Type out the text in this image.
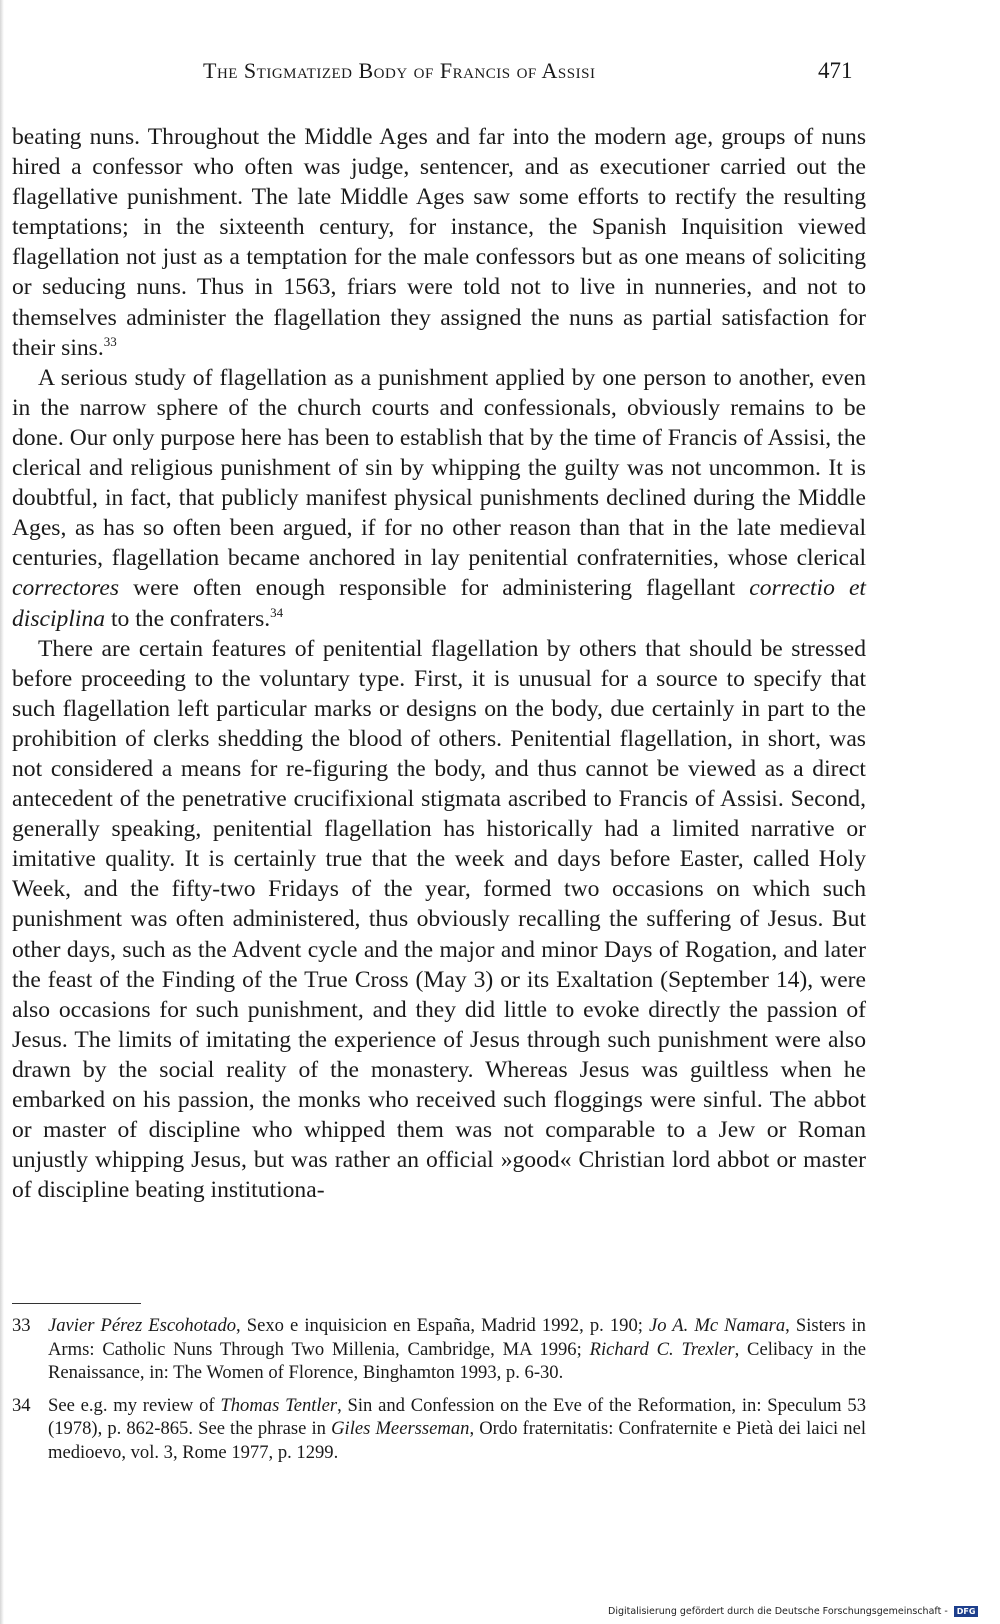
The Stigmatized Body of Francis of Assisi	471

beating nuns. Throughout the Middle Ages and far into the modern age, groups of nuns hired a confessor who often was judge, sentencer, and as executioner carried out the flagellative punishment. The late Middle Ages saw some efforts to rectify the resulting temptations; in the sixteenth century, for instance, the Spanish Inquisition viewed flagellation not just as a temptation for the male confessors but as one means of soliciting or seducing nuns. Thus in 1563, friars were told not to live in nunneries, and not to themselves administer the flagellation they assigned the nuns as partial satisfaction for their sins.$^{33}$

A serious study of flagellation as a punishment applied by one person to another, even in the narrow sphere of the church courts and confessionals, obviously remains to be done. Our only purpose here has been to establish that by the time of Francis of Assisi, the clerical and religious punishment of sin by whipping the guilty was not uncommon. It is doubtful, in fact, that publicly manifest physical punishments declined during the Middle Ages, as has so often been argued, if for no other reason than that in the late medieval centuries, flagellation became anchored in lay penitential confraternities, whose clerical correctores were often enough responsible for administering flagellant correctio et disciplina to the confraters.$^{34}$

There are certain features of penitential flagellation by others that should be stressed before proceeding to the voluntary type. First, it is unusual for a source to specify that such flagellation left particular marks or designs on the body, due certainly in part to the prohibition of clerks shedding the blood of others. Penitential flagellation, in short, was not considered a means for re-figuring the body, and thus cannot be viewed as a direct antecedent of the penetrative crucifixional stigmata ascribed to Francis of Assisi. Second, generally speaking, penitential flagellation has historically had a limited narrative or imitative quality. It is certainly true that the week and days before Easter, called Holy Week, and the fifty-two Fridays of the year, formed two occasions on which such punishment was often administered, thus obviously recalling the suffering of Jesus. But other days, such as the Advent cycle and the major and minor Days of Rogation, and later the feast of the Finding of the True Cross (May 3) or its Exaltation (September 14), were also occasions for such punishment, and they did little to evoke directly the passion of Jesus. The limits of imitating the experience of Jesus through such punishment were also drawn by the social reality of the monastery. Whereas Jesus was guiltless when he embarked on his passion, the monks who received such floggings were sinful. The abbot or master of discipline who whipped them was not comparable to a Jew or Roman unjustly whipping Jesus, but was rather an official »good« Christian lord abbot or master of discipline beating institutiona-

33 Javier Pérez Escohotado, Sexo e inquisicion en España, Madrid 1992, p. 190; Jo A. Mc Namara, Sisters in Arms: Catholic Nuns Through Two Millenia, Cambridge, MA 1996; Richard C. Trexler, Celibacy in the Renaissance, in: The Women of Florence, Binghamton 1993, p. 6-30.
34 See e.g. my review of Thomas Tentler, Sin and Confession on the Eve of the Reformation, in: Speculum 53 (1978), p. 862-865. See the phrase in Giles Meersseman, Ordo fraternitatis: Confraternite e Pietà dei laici nel medioevo, vol. 3, Rome 1977, p. 1299.
Digitalisierung gefördert durch die Deutsche Forschungsgemeinschaft - DFG
